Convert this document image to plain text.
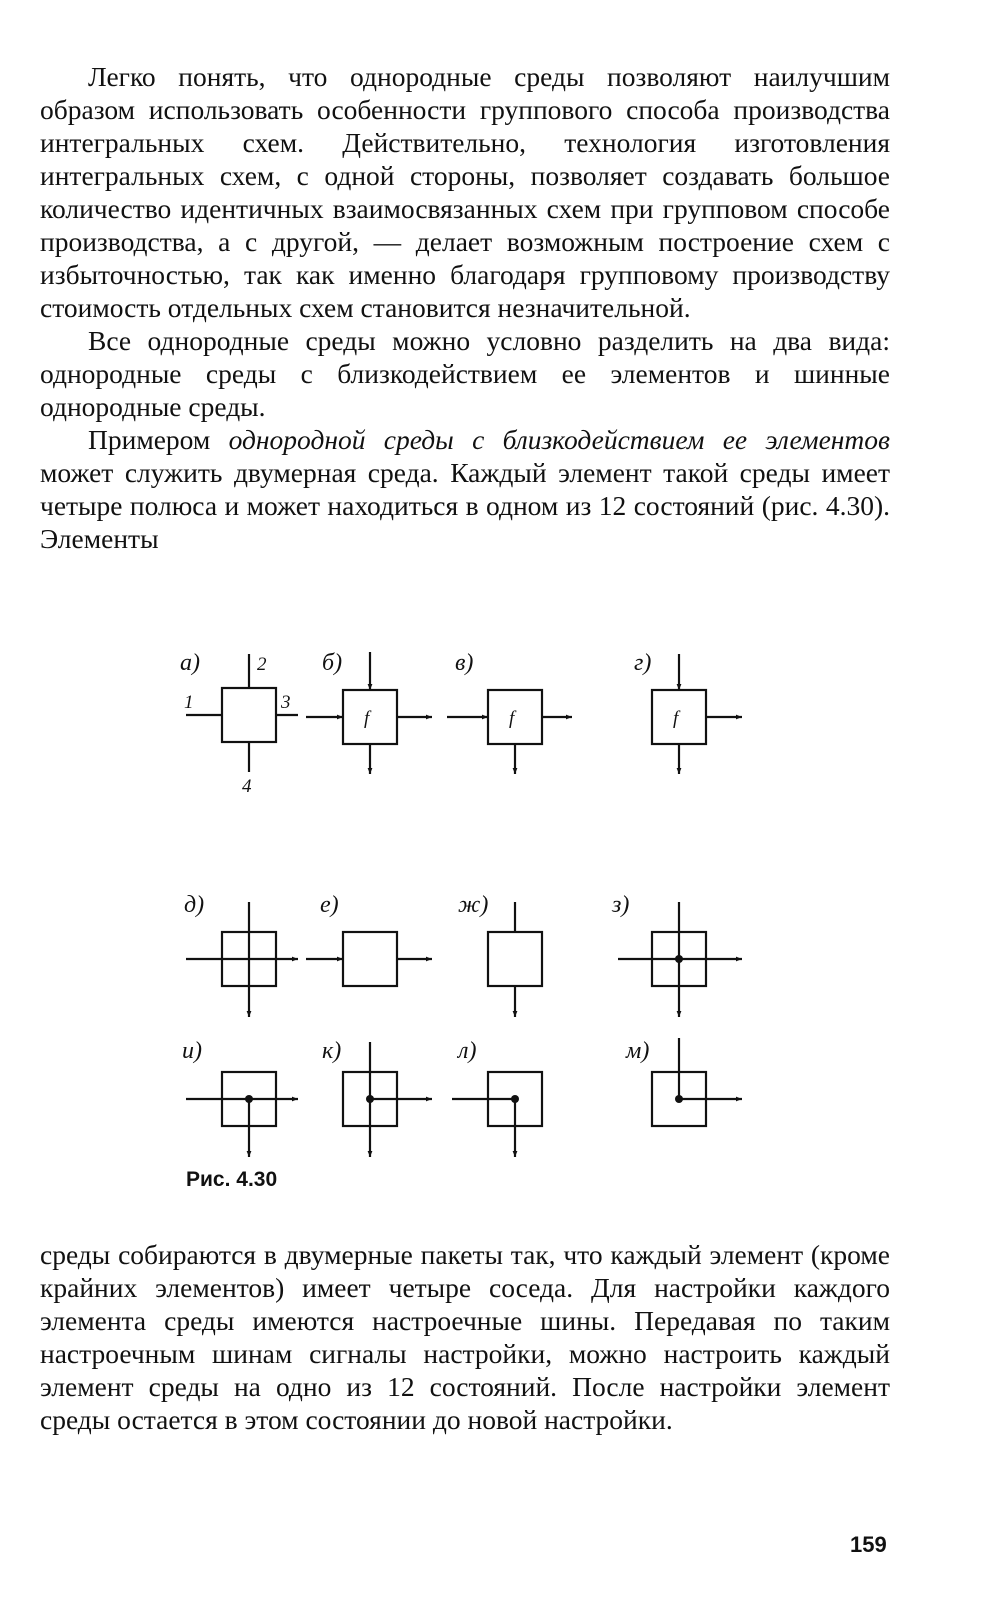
Легко понять, что однородные среды позволяют наилучшим образом использовать особенности группового способа производства интегральных схем. Действительно, технология изготовления интегральных схем, с одной стороны, позволяет создавать большое количество идентичных взаимосвязанных схем при групповом способе производства, а с другой, — делает возможным построение схем с избыточностью, так как именно благодаря групповому производству стоимость отдельных схем становится незначительной.

Все однородные среды можно условно разделить на два вида: однородные среды с близкодействием ее элементов и шинные однородные среды.

Примером однородной среды с близкодействием ее элементов может служить двумерная среда. Каждый элемент такой среды имеет четыре полюса и может находиться в одном из 12 состояний (рис. 4.30). Элементы

а)	б)	в)	г)
д)	е)	ж)	з)
и)	к)	л)	м)
1
2
3
4
f	f	f
Рис. 4.30

среды собираются в двумерные пакеты так, что каждый элемент (кроме крайних элементов) имеет четыре соседа. Для настройки каждого элемента среды имеются настроечные шины. Передавая по таким настроечным шинам сигналы настройки, можно настроить каждый элемент среды на одно из 12 состояний. После настройки элемент среды остается в этом состоянии до новой настройки.

159
